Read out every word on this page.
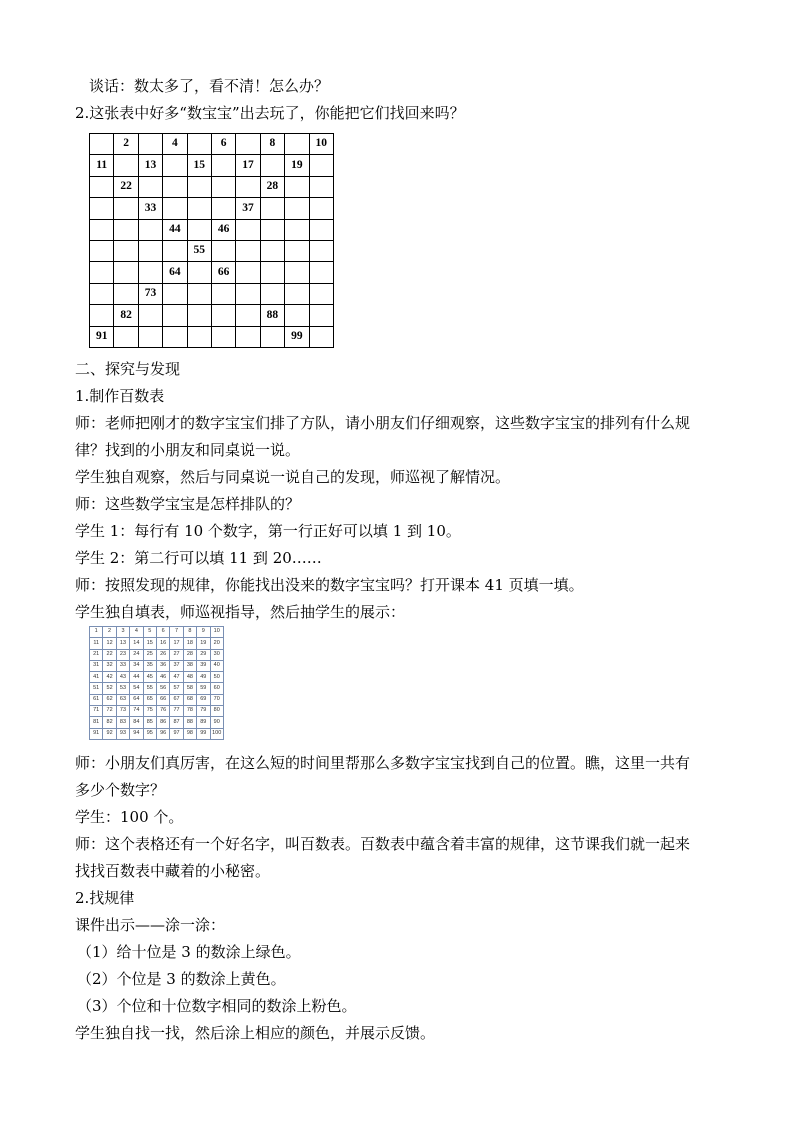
谈话：数太多了，看不清！怎么办？
2.这张表中好多“数宝宝”出去玩了，你能把它们找回来吗？
	2		4		6		8		10
11		13		15		17		19	
	22						28		
		33				37			
			44		46				
				55					
			64		66				
		73							
	82						88		
91								99	
二、探究与发现
1.制作百数表
师：老师把刚才的数字宝宝们排了方队，请小朋友们仔细观察，这些数字宝宝的排列有什么规
律？找到的小朋友和同桌说一说。
学生独自观察，然后与同桌说一说自己的发现，师巡视了解情况。
师：这些数学宝宝是怎样排队的？
学生 1：每行有 10 个数字，第一行正好可以填 1 到 10。
学生 2：第二行可以填 11 到 20……
师：按照发现的规律，你能找出没来的数字宝宝吗？打开课本 41 页填一填。
学生独自填表，师巡视指导，然后抽学生的展示：
1	2	3	4	5	6	7	8	9	10
11	12	13	14	15	16	17	18	19	20
21	22	23	24	25	26	27	28	29	30
31	32	33	34	35	36	37	38	39	40
41	42	43	44	45	46	47	48	49	50
51	52	53	54	55	56	57	58	59	60
61	62	63	64	65	66	67	68	69	70
71	72	73	74	75	76	77	78	79	80
81	82	83	84	85	86	87	88	89	90
91	92	93	94	95	96	97	98	99	100
师：小朋友们真厉害，在这么短的时间里帮那么多数字宝宝找到自己的位置。瞧，这里一共有
多少个数字？
学生：100 个。
师：这个表格还有一个好名字，叫百数表。百数表中蕴含着丰富的规律，这节课我们就一起来
找找百数表中藏着的小秘密。
2.找规律
课件出示——涂一涂：
（1）给十位是 3 的数涂上绿色。
（2）个位是 3 的数涂上黄色。
（3）个位和十位数字相同的数涂上粉色。
学生独自找一找，然后涂上相应的颜色，并展示反馈。
